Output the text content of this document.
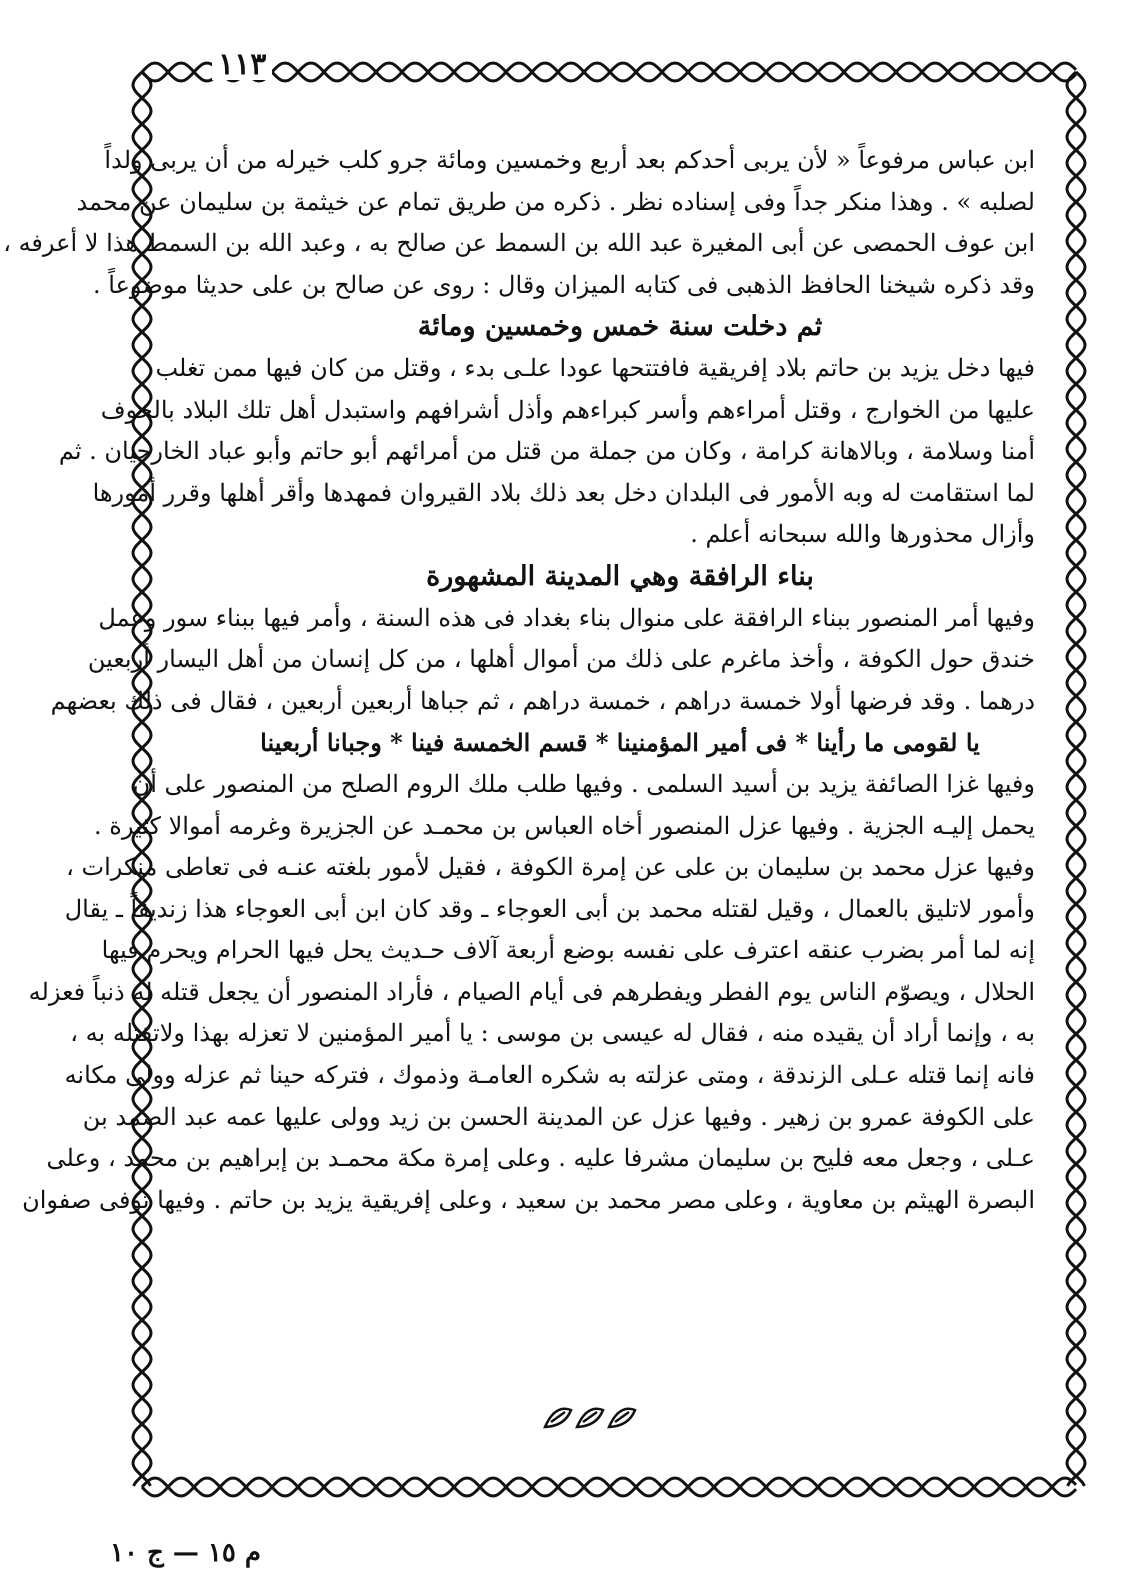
١١٣
ابن عباس مرفوعاً « لأن يربى أحدكم بعد أربع وخمسين ومائة جرو كلب خيرله من أن يربى ولداً
لصلبه » . وهذا منكر جداً وفى إسناده نظر . ذكره من طريق تمام عن خيثمة بن سليمان عن محمد
ابن عوف الحمصى عن أبى المغيرة عبد الله بن السمط عن صالح به ، وعبد الله بن السمط هذا لا أعرفه ،
وقد ذكره شيخنا الحافظ الذهبى فى كتابه الميزان وقال : روى عن صالح بن على حديثا موضوعاً .
ثم دخلت سنة خمس وخمسين ومائة
فيها دخل يزيد بن حاتم بلاد إفريقية فافتتحها عودا علـى بدء ، وقتل من كان فيها ممن تغلب
عليها من الخوارج ، وقتل أمراءهم وأسر كبراءهم وأذل أشرافهم واستبدل أهل تلك البلاد بالخوف
أمنا وسلامة ، وبالاهانة كرامة ، وكان من جملة من قتل من أمرائهم أبو حاتم وأبو عباد الخارجيان . ثم
لما استقامت له وبه الأمور فى البلدان دخل بعد ذلك بلاد القيروان فمهدها وأقر أهلها وقرر أمورها
وأزال محذورها والله سبحانه أعلم .
بناء الرافقة وهي المدينة المشهورة
وفيها أمر المنصور ببناء الرافقة على منوال بناء بغداد فى هذه السنة ، وأمر فيها ببناء سور وعمل
خندق حول الكوفة ، وأخذ ماغرم على ذلك من أموال أهلها ، من كل إنسان من أهل اليسار أربعين
درهما . وقد فرضها أولا خمسة دراهم ، خمسة دراهم ، ثم جباها أربعين أربعين ، فقال فى ذلك بعضهم
يا لقومى ما رأينا * فى أمير المؤمنينا * قسم الخمسة فينا * وجبانا أربعينا
وفيها غزا الصائفة يزيد بن أسيد السلمى . وفيها طلب ملك الروم الصلح من المنصور على أن
يحمل إليـه الجزية . وفيها عزل المنصور أخاه العباس بن محمـد عن الجزيرة وغرمه أموالا كثيرة .
وفيها عزل محمد بن سليمان بن على عن إمرة الكوفة ، فقيل لأمور بلغته عنـه فى تعاطى منكرات ،
وأمور لاتليق بالعمال ، وقيل لقتله محمد بن أبى العوجاء ـ وقد كان ابن أبى العوجاء هذا زنديقاً ـ يقال
إنه لما أمر بضرب عنقه اعترف على نفسه بوضع أربعة آلاف حـديث يحل فيها الحرام ويحرم فيها
الحلال ، ويصوّم الناس يوم الفطر ويفطرهم فى أيام الصيام ، فأراد المنصور أن يجعل قتله له ذنباً فعزله
به ، وإنما أراد أن يقيده منه ، فقال له عيسى بن موسى : يا أمير المؤمنين لا تعزله بهذا ولاتقتله به ،
فانه إنما قتله عـلى الزندقة ، ومتى عزلته به شكره العامـة وذموك ، فتركه حينا ثم عزله وولى مكانه
على الكوفة عمرو بن زهير . وفيها عزل عن المدينة الحسن بن زيد وولى عليها عمه عبد الصمد بن
عـلى ، وجعل معه فليح بن سليمان مشرفا عليه . وعلى إمرة مكة محمـد بن إبراهيم بن محمد ، وعلى
البصرة الهيثم بن معاوية ، وعلى مصر محمد بن سعيد ، وعلى إفريقية يزيد بن حاتم . وفيها توفى صفوان
م ١٥ — ج ١٠
